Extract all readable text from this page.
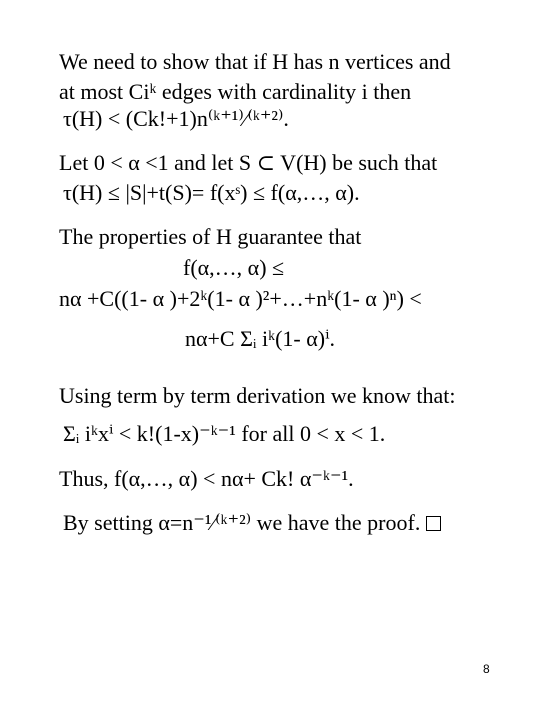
We need to show that if H has n vertices and
at most Ciᵏ edges with cardinality i then
τ(H) < (Ck!+1)n⁽ᵏ⁺¹⁾⁄⁽ᵏ⁺²⁾.
Let 0 < α <1 and let S ⊂ V(H) be such that
τ(H) ≤ |S|+t(S)= f(xˢ) ≤ f(α,…, α).
The properties of H guarantee that
f(α,…, α) ≤
nα +C((1- α )+2ᵏ(1- α )²+…+nᵏ(1- α )ⁿ) <
nα+C Σᵢ iᵏ(1- α)ⁱ.
Using term by term derivation we know that:
Σᵢ iᵏxⁱ < k!(1-x)⁻ᵏ⁻¹ for all 0 < x < 1.
Thus, f(α,…, α) < nα+ Ck! α⁻ᵏ⁻¹.
By setting α=n⁻¹⁄⁽ᵏ⁺²⁾ we have the proof.
8
